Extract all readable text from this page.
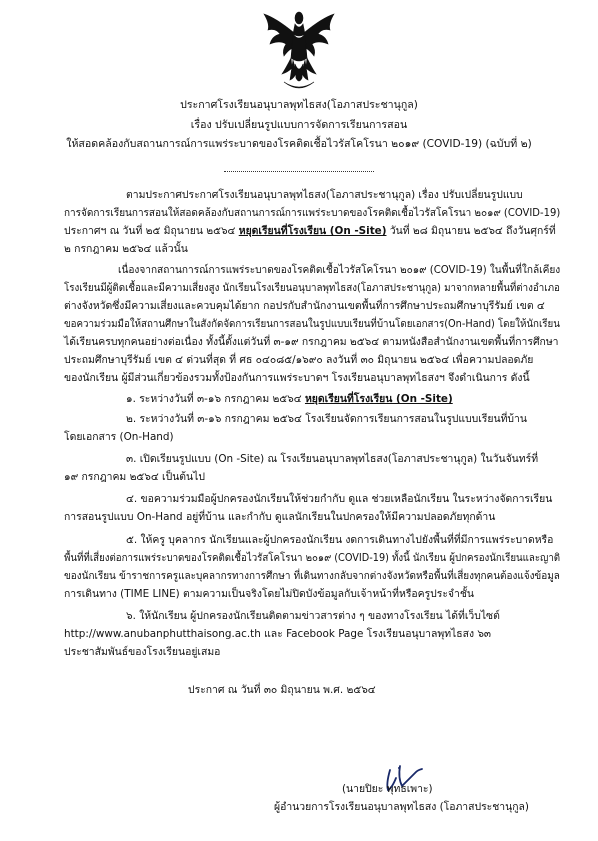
ประกาศโรงเรียนอนุบาลพุทไธสง(โอภาสประชานุกูล)
เรื่อง ปรับเปลี่ยนรูปแบบการจัดการเรียนการสอน
ให้สอดคล้องกับสถานการณ์การแพร่ระบาดของโรคติดเชื้อไวรัสโคโรนา ๒๐๑๙ (COVID-19) (ฉบับที่ ๒)
ตามประกาศประกาศโรงเรียนอนุบาลพุทไธสง(โอภาสประชานุกูล) เรื่อง ปรับเปลี่ยนรูปแบบ
การจัดการเรียนการสอนให้สอดคล้องกับสถานการณ์การแพร่ระบาดของโรคติดเชื้อไวรัสโคโรนา ๒๐๑๙ (COVID-19)
ประกาศฯ ณ วันที่ ๒๕ มิถุนายน ๒๕๖๔ หยุดเรียนที่โรงเรียน (On -Site) วันที่ ๒๘ มิถุนายน ๒๕๖๔ ถึงวันศุกร์ที่
๒ กรกฎาคม ๒๕๖๔ แล้วนั้น
เนื่องจากสถานการณ์การแพร่ระบาดของโรคติดเชื้อไวรัสโคโรนา ๒๐๑๙ (COVID-19) ในพื้นที่ใกล้เคียง
โรงเรียนมีผู้ติดเชื้อและมีความเสี่ยงสูง นักเรียนโรงเรียนอนุบาลพุทไธสง(โอภาสประชานุกูล) มาจากหลายพื้นที่ต่างอำเภอ
ต่างจังหวัดซึ่งมีความเสี่ยงและควบคุมได้ยาก กอปรกับสำนักงานเขตพื้นที่การศึกษาประถมศึกษาบุรีรัมย์ เขต ๔
ขอความร่วมมือให้สถานศึกษาในสังกัดจัดการเรียนการสอนในรูปแบบเรียนที่บ้านโดยเอกสาร(On-Hand) โดยให้นักเรียน
ได้เรียนครบทุกคนอย่างต่อเนื่อง ทั้งนี้ตั้งแต่วันที่ ๓-๑๙ กรกฎาคม ๒๕๖๔ ตามหนังสือสำนักงานเขตพื้นที่การศึกษา
ประถมศึกษาบุรีรัมย์ เขต ๔ ด่วนที่สุด ที่ ศธ ๐๔๐๘๕/๑๖๙๐ ลงวันที่ ๓๐ มิถุนายน ๒๕๖๔ เพื่อความปลอดภัย
ของนักเรียน ผู้มีส่วนเกี่ยวข้องรวมทั้งป้องกันการแพร่ระบาดฯ โรงเรียนอนุบาลพุทไธสงฯ จึงดำเนินการ ดังนี้
๑. ระหว่างวันที่ ๓-๑๖ กรกฎาคม ๒๕๖๔ หยุดเรียนที่โรงเรียน (On -Site)
๒. ระหว่างวันที่ ๓-๑๖ กรกฎาคม ๒๕๖๔ โรงเรียนจัดการเรียนการสอนในรูปแบบเรียนที่บ้าน
โดยเอกสาร (On-Hand)
๓. เปิดเรียนรูปแบบ (On -Site) ณ โรงเรียนอนุบาลพุทไธสง(โอภาสประชานุกูล) ในวันจันทร์ที่
๑๙ กรกฎาคม ๒๕๖๔ เป็นต้นไป
๔. ขอความร่วมมือผู้ปกครองนักเรียนให้ช่วยกำกับ ดูแล ช่วยเหลือนักเรียน ในระหว่างจัดการเรียน
การสอนรูปแบบ On-Hand อยู่ที่บ้าน และกำกับ ดูแลนักเรียนในปกครองให้มีความปลอดภัยทุกด้าน
๕. ให้ครู บุคลากร นักเรียนและผู้ปกครองนักเรียน งดการเดินทางไปยังพื้นที่ที่มีการแพร่ระบาดหรือ
พื้นที่ที่เสี่ยงต่อการแพร่ระบาดของโรคติดเชื้อไวรัสโคโรนา ๒๐๑๙ (COVID-19) ทั้งนี้ นักเรียน ผู้ปกครองนักเรียนและญาติ
ของนักเรียน ข้าราชการครูและบุคลากรทางการศึกษา ที่เดินทางกลับจากต่างจังหวัดหรือพื้นที่เสี่ยงทุกคนต้องแจ้งข้อมูล
การเดินทาง (TIME LINE) ตามความเป็นจริงโดยไม่ปิดบังข้อมูลกับเจ้าหน้าที่หรือครูประจำชั้น
๖. ให้นักเรียน ผู้ปกครองนักเรียนติดตามข่าวสารต่าง ๆ ของทางโรงเรียน ได้ที่เว็บไซต์
http://www.anubanphutthaisong.ac.th และ Facebook Page โรงเรียนอนุบาลพุทไธสง ๖๓
ประชาสัมพันธ์ของโรงเรียนอยู่เสมอ
ประกาศ ณ วันที่ ๓๐ มิถุนายน พ.ศ. ๒๕๖๔
(นายปิยะ พุทธเพาะ)
ผู้อำนวยการโรงเรียนอนุบาลพุทไธสง (โอภาสประชานุกูล)
